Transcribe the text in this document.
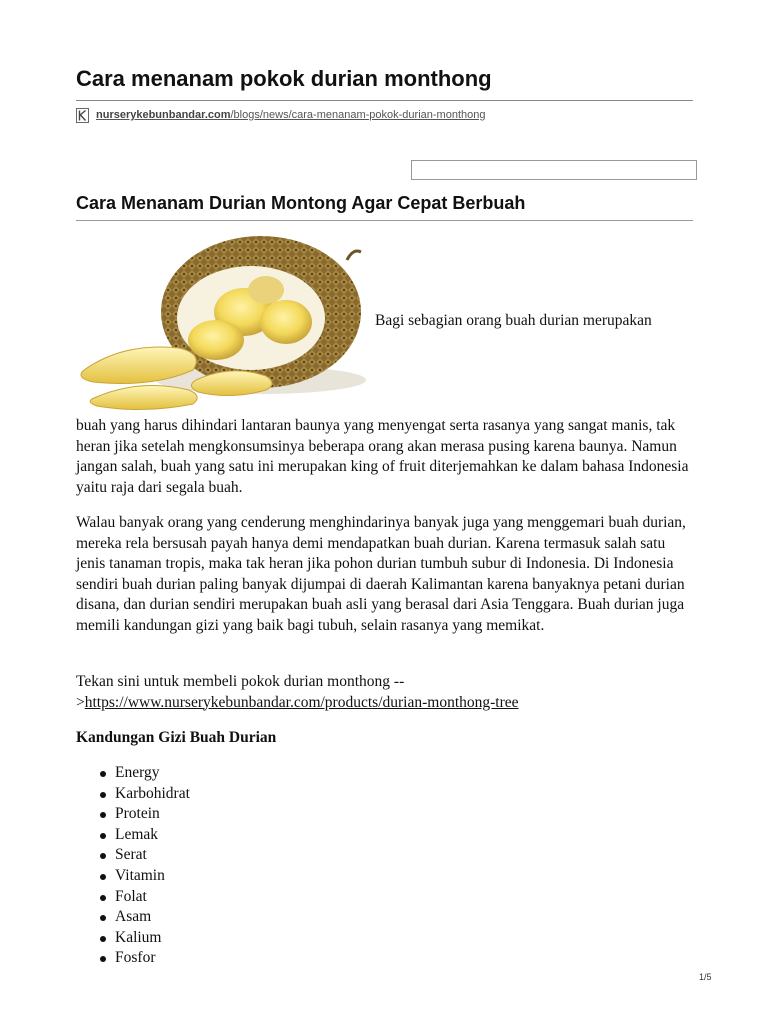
Cara menanam pokok durian monthong
nurserykebunbandar.com/blogs/news/cara-menanam-pokok-durian-monthong
Cara Menanam Durian Montong Agar Cepat Berbuah
Bagi sebagian orang buah durian merupakan

buah yang harus dihindari lantaran baunya yang menyengat serta rasanya yang sangat manis, tak heran jika setelah mengkonsumsinya beberapa orang akan merasa pusing karena baunya. Namun jangan salah, buah yang satu ini merupakan king of fruit diterjemahkan ke dalam bahasa Indonesia yaitu raja dari segala buah.

Walau banyak orang yang cenderung menghindarinya banyak juga yang menggemari buah durian, mereka rela bersusah payah hanya demi mendapatkan buah durian. Karena termasuk salah satu jenis tanaman tropis, maka tak heran jika pohon durian tumbuh subur di Indonesia. Di Indonesia sendiri buah durian paling banyak dijumpai di daerah Kalimantan karena banyaknya petani durian disana, dan durian sendiri merupakan buah asli yang berasal dari Asia Tenggara. Buah durian juga memili kandungan gizi yang baik bagi tubuh, selain rasanya yang memikat.

Tekan sini untuk membeli pokok durian monthong -->https://www.nurserykebunbandar.com/products/durian-monthong-tree

Kandungan Gizi Buah Durian
Energy
Karbohidrat
Protein
Lemak
Serat
Vitamin
Folat
Asam
Kalium
Fosfor
1/5
